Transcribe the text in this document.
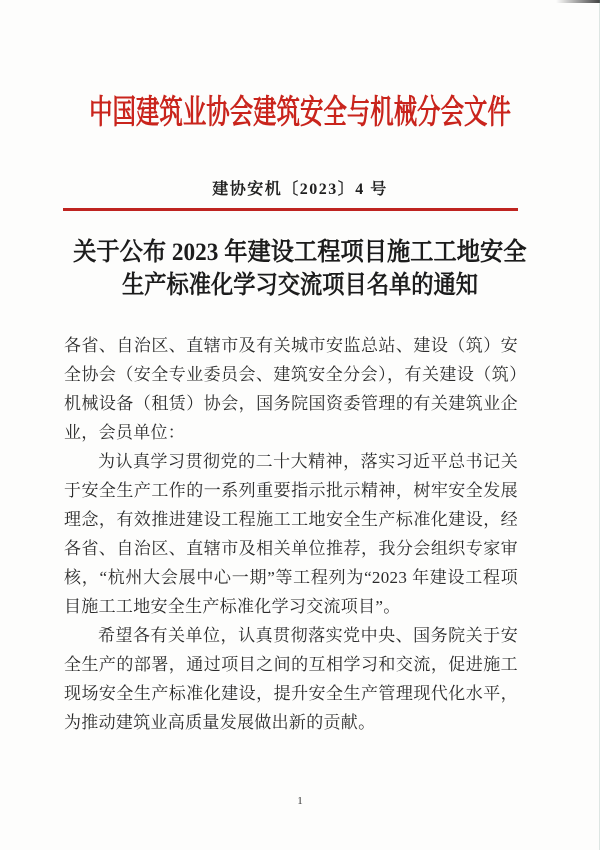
中国建筑业协会建筑安全与机械分会文件
建协安机〔2023〕4 号
关于公布 2023 年建设工程项目施工工地安全
生产标准化学习交流项目名单的通知

各省、自治区、直辖市及有关城市安监总站、建设（筑）安全协会（安全专业委员会、建筑安全分会），有关建设（筑）机械设备（租赁）协会，国务院国资委管理的有关建筑业企业，会员单位：

为认真学习贯彻党的二十大精神，落实习近平总书记关于安全生产工作的一系列重要指示批示精神，树牢安全发展理念，有效推进建设工程施工工地安全生产标准化建设，经各省、自治区、直辖市及相关单位推荐，我分会组织专家审核，“杭州大会展中心一期”等工程列为“2023 年建设工程项目施工工地安全生产标准化学习交流项目”。

希望各有关单位，认真贯彻落实党中央、国务院关于安全生产的部署，通过项目之间的互相学习和交流，促进施工现场安全生产标准化建设，提升安全生产管理现代化水平，为推动建筑业高质量发展做出新的贡献。

1
